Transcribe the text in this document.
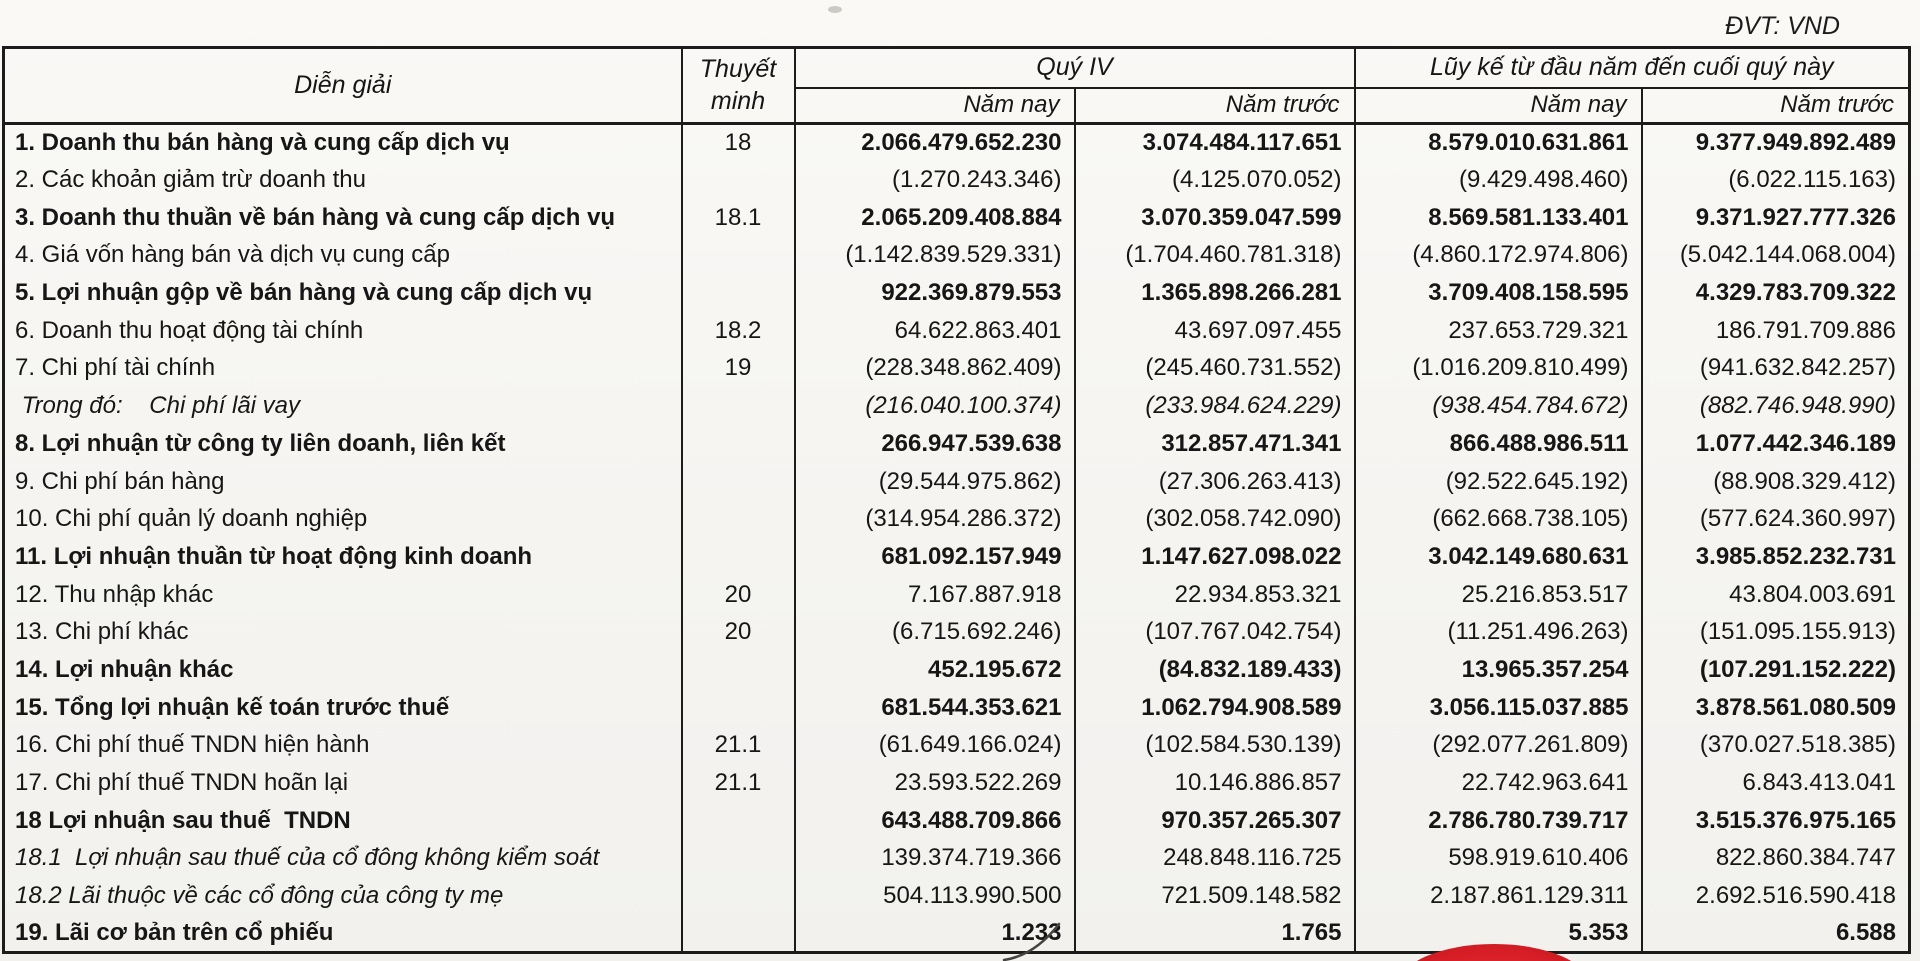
ĐVT: VND
Diễn giải	Thuyết minh	Quý IV		Lũy kế từ đầu năm đến cuối quý này	
		Năm nay	Năm trước	Năm nay	Năm trước
1. Doanh thu bán hàng và cung cấp dịch vụ	18	2.066.479.652.230	3.074.484.117.651	8.579.010.631.861	9.377.949.892.489
2. Các khoản giảm trừ doanh thu		(1.270.243.346)	(4.125.070.052)	(9.429.498.460)	(6.022.115.163)
3. Doanh thu thuần về bán hàng và cung cấp dịch vụ	18.1	2.065.209.408.884	3.070.359.047.599	8.569.581.133.401	9.371.927.777.326
4. Giá vốn hàng bán và dịch vụ cung cấp		(1.142.839.529.331)	(1.704.460.781.318)	(4.860.172.974.806)	(5.042.144.068.004)
5. Lợi nhuận gộp về bán hàng và cung cấp dịch vụ		922.369.879.553	1.365.898.266.281	3.709.408.158.595	4.329.783.709.322
6. Doanh thu hoạt động tài chính	18.2	64.622.863.401	43.697.097.455	237.653.729.321	186.791.709.886
7. Chi phí tài chính	19	(228.348.862.409)	(245.460.731.552)	(1.016.209.810.499)	(941.632.842.257)
Trong đó:    Chi phí lãi vay		(216.040.100.374)	(233.984.624.229)	(938.454.784.672)	(882.746.948.990)
8. Lợi nhuận từ công ty liên doanh, liên kết		266.947.539.638	312.857.471.341	866.488.986.511	1.077.442.346.189
9. Chi phí bán hàng		(29.544.975.862)	(27.306.263.413)	(92.522.645.192)	(88.908.329.412)
10. Chi phí quản lý doanh nghiệp		(314.954.286.372)	(302.058.742.090)	(662.668.738.105)	(577.624.360.997)
11. Lợi nhuận thuần từ hoạt động kinh doanh		681.092.157.949	1.147.627.098.022	3.042.149.680.631	3.985.852.232.731
12. Thu nhập khác	20	7.167.887.918	22.934.853.321	25.216.853.517	43.804.003.691
13. Chi phí khác	20	(6.715.692.246)	(107.767.042.754)	(11.251.496.263)	(151.095.155.913)
14. Lợi nhuận khác		452.195.672	(84.832.189.433)	13.965.357.254	(107.291.152.222)
15. Tổng lợi nhuận kế toán trước thuế		681.544.353.621	1.062.794.908.589	3.056.115.037.885	3.878.561.080.509
16. Chi phí thuế TNDN hiện hành	21.1	(61.649.166.024)	(102.584.530.139)	(292.077.261.809)	(370.027.518.385)
17. Chi phí thuế TNDN hoãn lại	21.1	23.593.522.269	10.146.886.857	22.742.963.641	6.843.413.041
18 Lợi nhuận sau thuế  TNDN		643.488.709.866	970.357.265.307	2.786.780.739.717	3.515.376.975.165
18.1  Lợi nhuận sau thuế của cổ đông không kiểm soát		139.374.719.366	248.848.116.725	598.919.610.406	822.860.384.747
18.2 Lãi thuộc về các cổ đông của công ty mẹ		504.113.990.500	721.509.148.582	2.187.861.129.311	2.692.516.590.418
19. Lãi cơ bản trên cổ phiếu		1.233	1.765	5.353	6.588
